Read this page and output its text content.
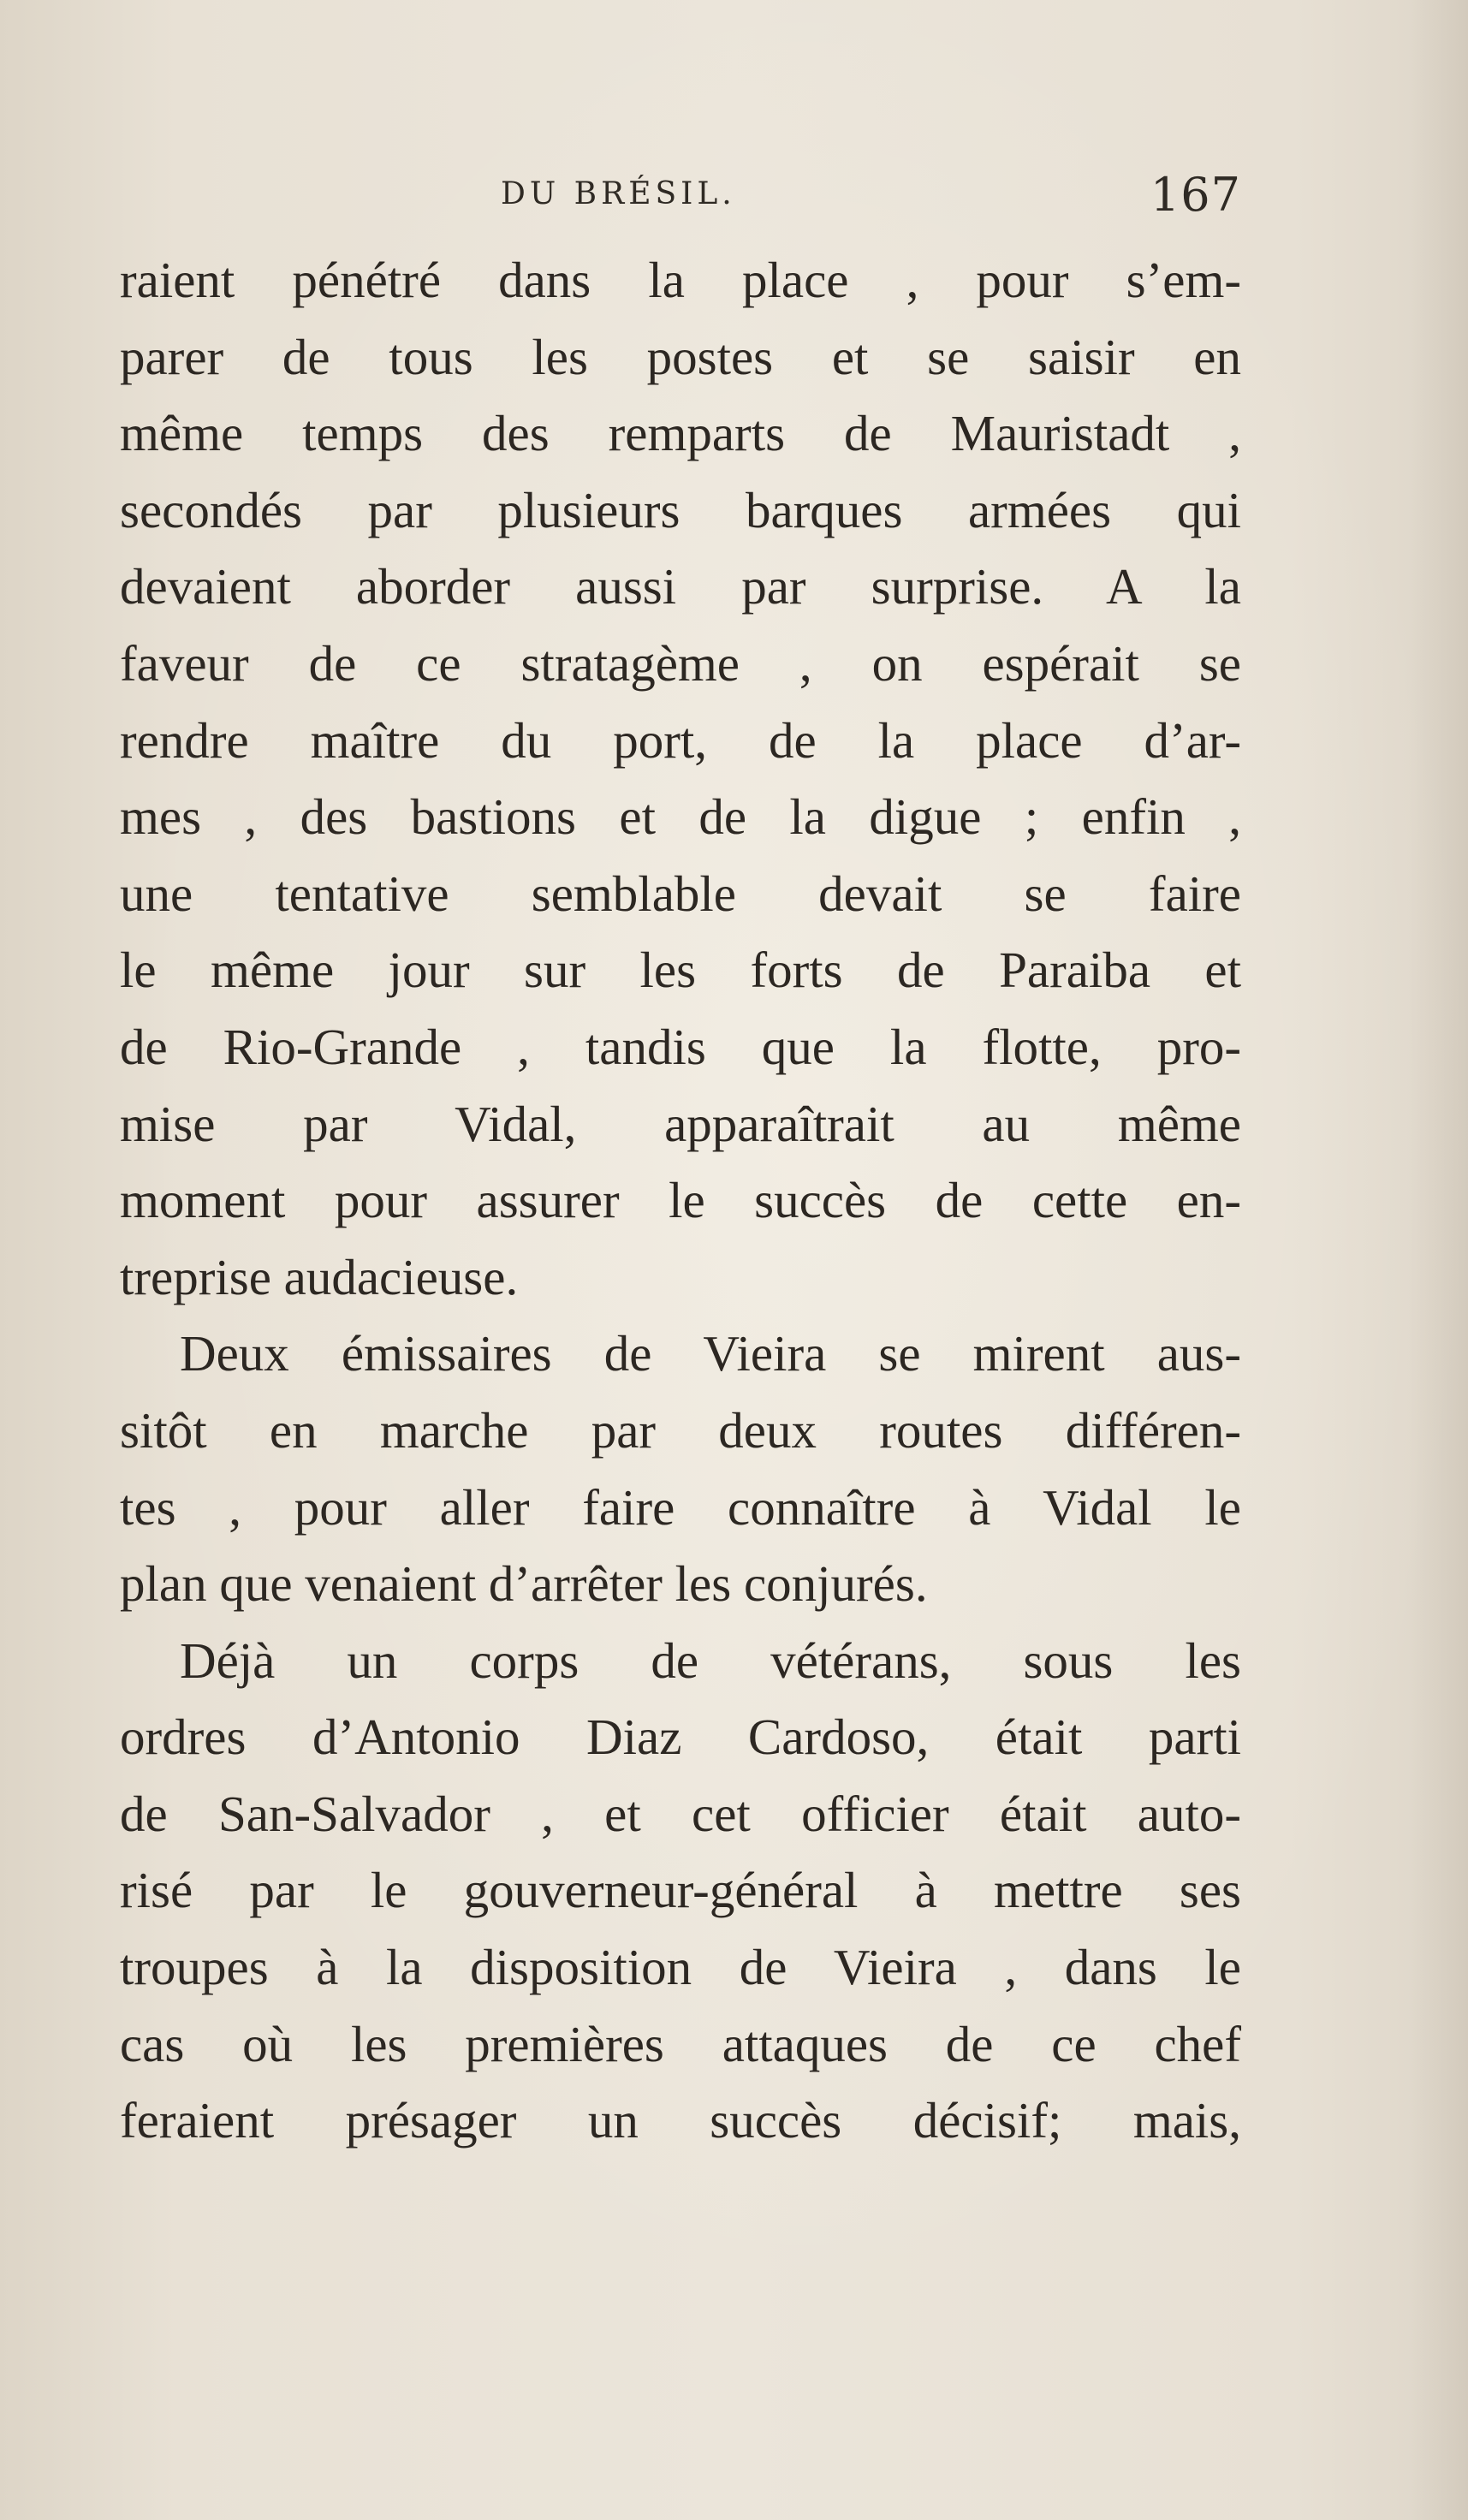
DU BRÉSIL.	167
raient pénétré dans la place , pour s’em-
parer de tous les postes et se saisir en
même temps des remparts de Mauristadt ,
secondés par plusieurs barques armées qui
devaient aborder aussi par surprise. A la
faveur de ce stratagème , on espérait se
rendre maître du port, de la place d’ar-
mes , des bastions et de la digue ; enfin ,
une tentative semblable devait se faire
le même jour sur les forts de Paraiba et
de Rio-Grande , tandis que la flotte, pro-
mise par Vidal, apparaîtrait au même
moment pour assurer le succès de cette en-
treprise audacieuse.
Deux émissaires de Vieira se mirent aus-
sitôt en marche par deux routes différen-
tes , pour aller faire connaître à Vidal le
plan que venaient d’arrêter les conjurés.
Déjà un corps de vétérans, sous les
ordres d’Antonio Diaz Cardoso, était parti
de San-Salvador , et cet officier était auto-
risé par le gouverneur-général à mettre ses
troupes à la disposition de Vieira , dans le
cas où les premières attaques de ce chef
feraient présager un succès décisif; mais,
